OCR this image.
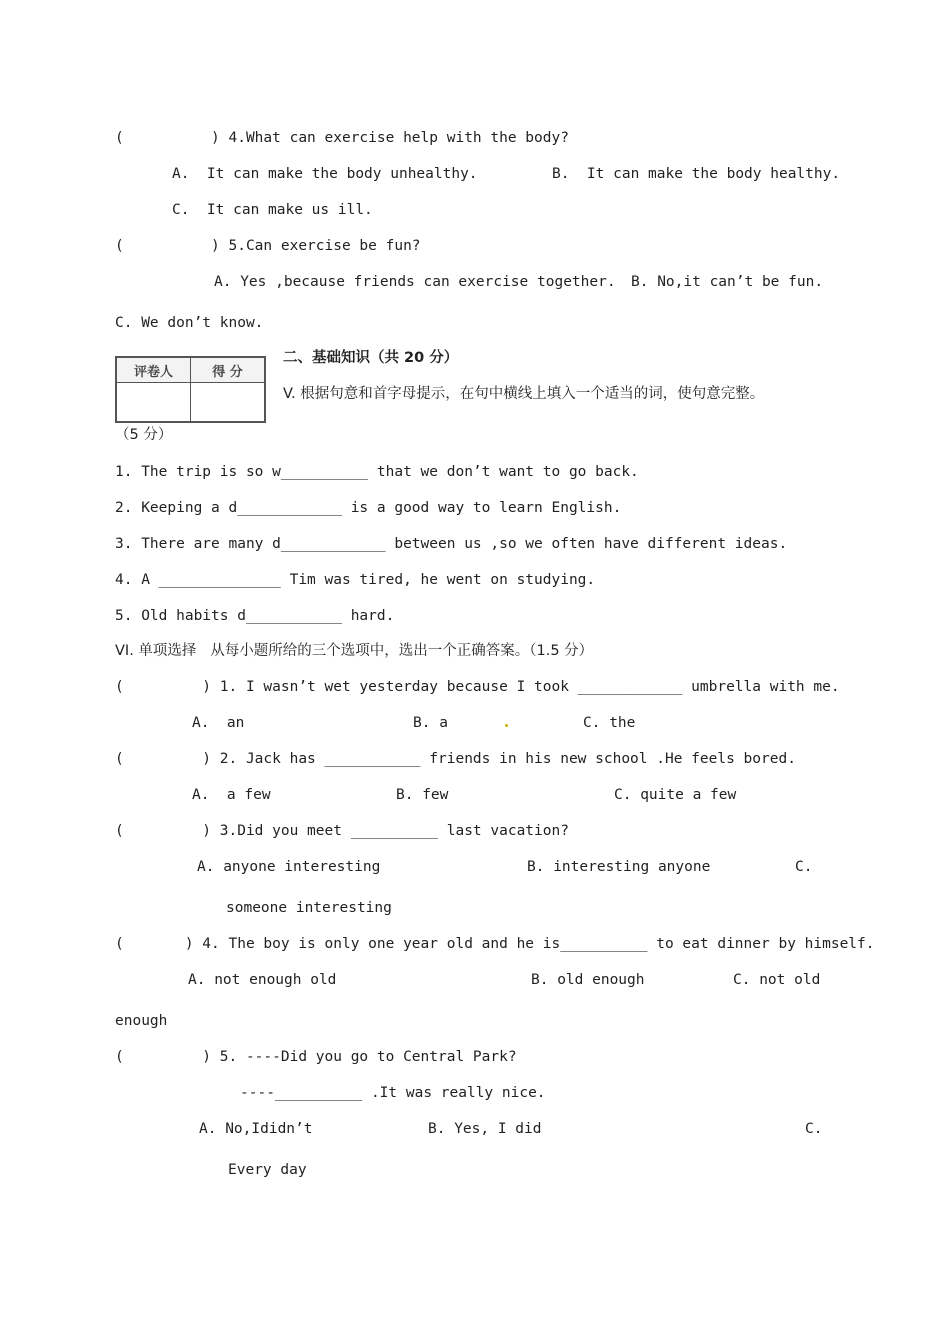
(          ) 4.What can exercise help with the body?
A.  It can make the body unhealthy.	B.  It can make the body healthy.
C.  It can make us ill.
(          ) 5.Can exercise be fun?
A. Yes ,because friends can exercise together. B. No,it can’t be fun.
C. We don’t know.
评卷人	得 分

二、基础知识（共 20 分）
V. 根据句意和首字母提示，在句中横线上填入一个适当的词，使句意完整。
（5 分）
1. The trip is so w__________ that we don’t want to go back.
2. Keeping a d____________ is a good way to learn English.
3. There are many d____________ between us ,so we often have different ideas.
4. A ______________ Tim was tired, he went on studying.
5. Old habits d___________ hard.
VI. 单项选择   从每小题所给的三个选项中，选出一个正确答案。（1.5 分）
(         ) 1. I wasn’t wet yesterday because I took ____________ umbrella with me.
A.  an	B. a	C. the
(         ) 2. Jack has ___________ friends in his new school .He feels bored.
A.  a few	B. few	C. quite a few
(         ) 3.Did you meet __________ last vacation?
A. anyone interesting	B. interesting anyone	C.
someone interesting
(       ) 4. The boy is only one year old and he is__________ to eat dinner by himself.
A. not enough old	B. old enough	C. not old
enough
(         ) 5. ----Did you go to Central Park?
----__________ .It was really nice.
A. No,Ididn’t	B. Yes, I did	C.
Every day
